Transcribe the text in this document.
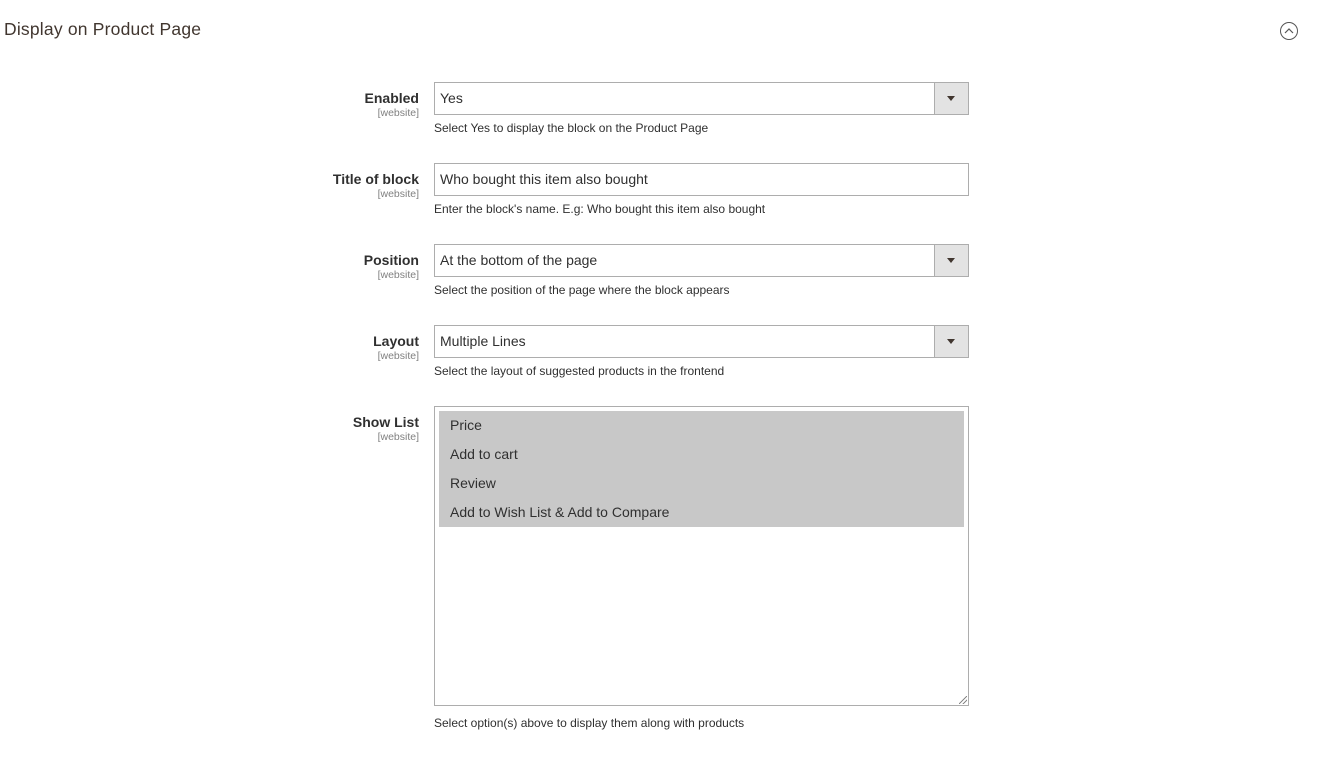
Display on Product Page
Enabled
[website]
Yes
Select Yes to display the block on the Product Page
Title of block
[website]
Who bought this item also bought
Enter the block's name. E.g: Who bought this item also bought
Position
[website]
At the bottom of the page
Select the position of the page where the block appears
Layout
[website]
Multiple Lines
Select the layout of suggested products in the frontend
Show List
[website]
Price
Add to cart
Review
Add to Wish List & Add to Compare
Select option(s) above to display them along with products
